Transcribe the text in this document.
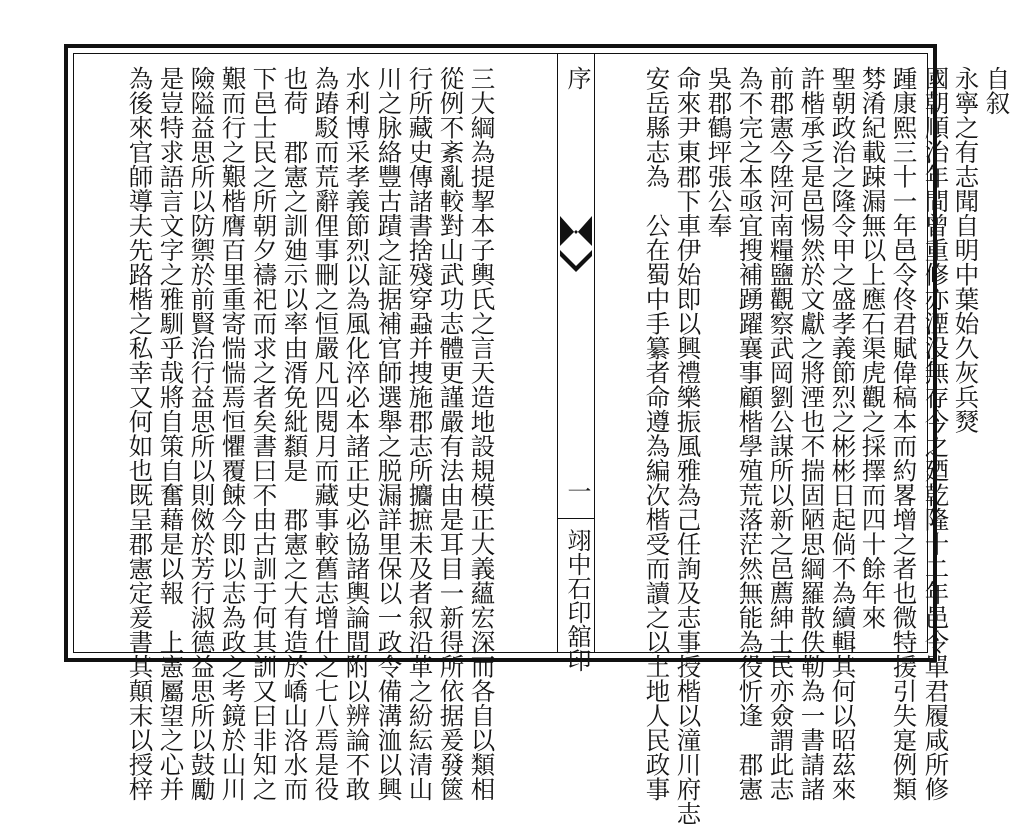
自叙
永寧之有志聞自明中葉始久灰兵燹
國朝順治年間曾重修亦湮没無存今之廼乾隆十二年邑令單君履咸所修
踵康熙三十一年邑令佟君賦偉稿本而約畧增之者也微特援引失寔例類
棼淆紀載踈漏無以上應石渠虎觀之採擇而四十餘年來
聖朝政治之隆令甲之盛孝義節烈之彬彬日起倘不為續輯其何以昭茲來
許楷承乏是邑惕然於文獻之將湮也不揣固陋思綱羅散佚勒為一書請諸
前郡憲今陞河南糧鹽觀察武岡劉公謀所以新之邑薦紳士民亦僉謂此志
為不完之本亟宜搜補踴躍襄事顧楷學殖荒落茫然無能為役忻逢　郡憲
吳郡鶴坪張公奉
命來尹東郡下車伊始即以興禮樂振風雅為己任詢及志事授楷以潼川府志
安岳縣志為　公在蜀中手纂者命遵為編次楷受而讀之以土地人民政事
三大綱為提挈本子輿氏之言天造地設規模正大義蘊宏深而各自以類相
從例不紊亂較對山武功志體更謹嚴有法由是耳目一新得所依据爰發篋
行所藏史傳諸書捨殘穿蝨并捜施郡志所攟摭未及者叙沿革之紛紜清山
川之脉絡豐古蹟之証据補官師選舉之脱漏詳里保以一政令備溝洫以興
水利博采孝義節烈以為風化淬必本諸正史必協諸輿論間附以辨論不敢
為踳駁而荒辭俚事刪之恒嚴凡四閱月而藏事較舊志增什之七八焉是役
也荷　郡憲之訓廸示以率由湑免紕纇是　郡憲之大有造於嶠山洛水而
下邑士民之所朝夕禱祀而求之者矣書曰不由古訓于何其訓又曰非知之
艱而行之艱楷膺百里重寄惴惴焉恒懼覆餗今即以志為政之考鏡於山川
險隘益思所以防禦於前賢治行益思所以則傚於芳行淑德益思所以鼓勵
是豈特求語言文字之雅馴乎哉將自策自奮藉是以報　上憲屬望之心并
為後來官師導夫先路楷之私幸又何如也既呈郡憲定爰書其顛末以授梓	序
一
翊中石印舘印
